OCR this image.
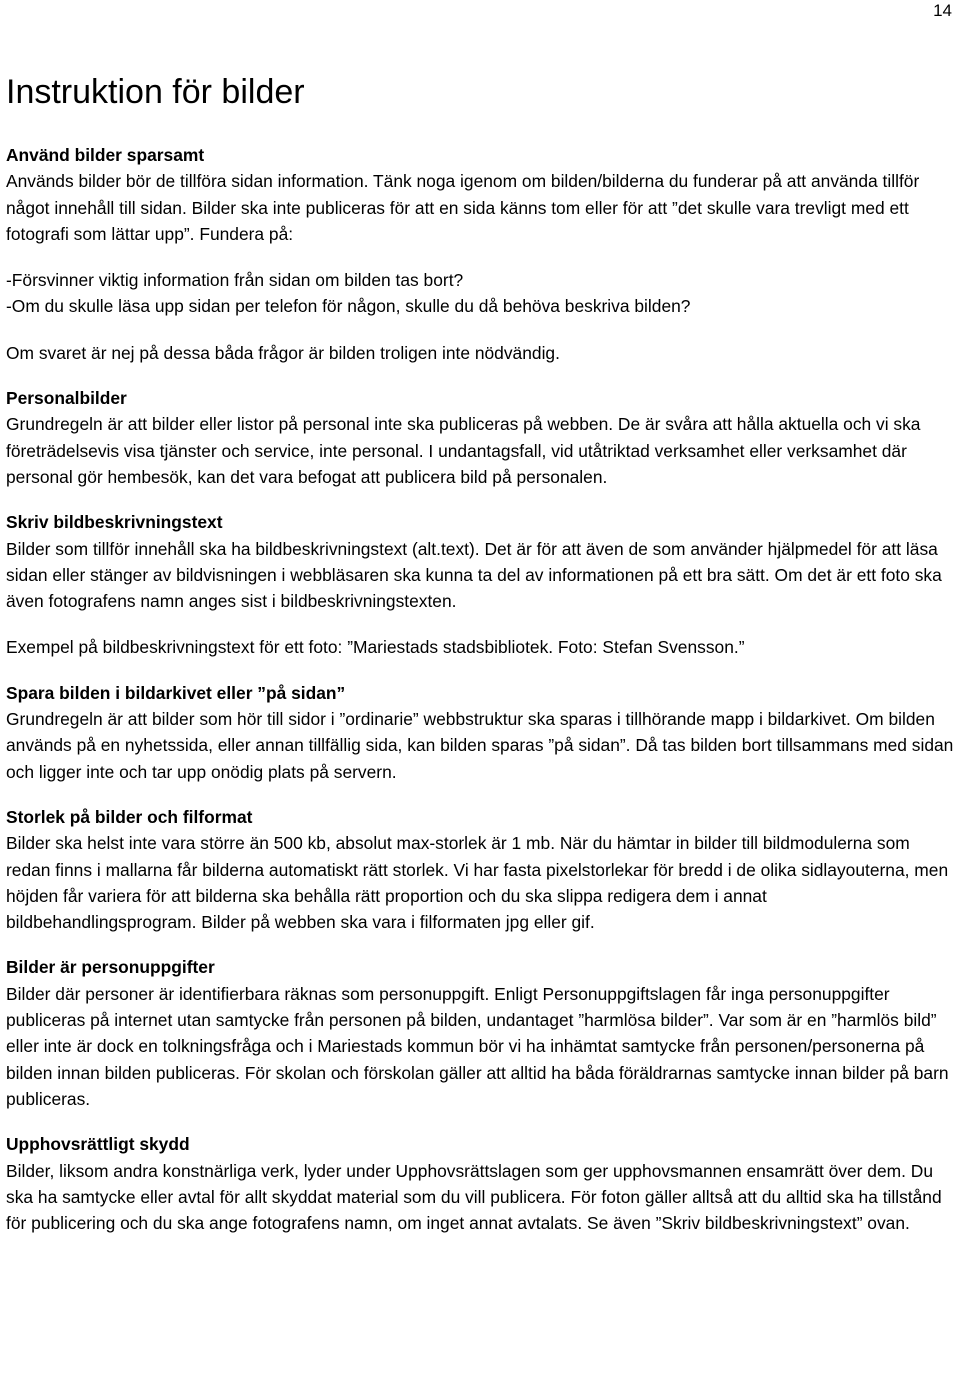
14
Instruktion för bilder

Använd bilder sparsamt

Används bilder bör de tillföra sidan information. Tänk noga igenom om bilden/bilderna du funderar på att använda tillför något innehåll till sidan. Bilder ska inte publiceras för att en sida känns tom eller för att ”det skulle vara trevligt med ett fotografi som lättar upp”. Fundera på:

-Försvinner viktig information från sidan om bilden tas bort?

-Om du skulle läsa upp sidan per telefon för någon, skulle du då behöva beskriva bilden?

Om svaret är nej på dessa båda frågor är bilden troligen inte nödvändig.

Personalbilder

Grundregeln är att bilder eller listor på personal inte ska publiceras på webben. De är svåra att hålla aktuella och vi ska företrädelsevis visa tjänster och service, inte personal. I undantagsfall, vid utåtriktad verksamhet eller verksamhet där personal gör hembesök, kan det vara befogat att publicera bild på personalen.

Skriv bildbeskrivningstext

Bilder som tillför innehåll ska ha bildbeskrivningstext (alt.text). Det är för att även de som använder hjälpmedel för att läsa sidan eller stänger av bildvisningen i webbläsaren ska kunna ta del av informationen på ett bra sätt. Om det är ett foto ska även fotografens namn anges sist i bildbeskrivningstexten.

Exempel på bildbeskrivningstext för ett foto: ”Mariestads stadsbibliotek. Foto: Stefan Svensson.”

Spara bilden i bildarkivet eller ”på sidan”

Grundregeln är att bilder som hör till sidor i ”ordinarie” webbstruktur ska sparas i tillhörande mapp i bildarkivet. Om bilden används på en nyhetssida, eller annan tillfällig sida, kan bilden sparas ”på sidan”. Då tas bilden bort tillsammans med sidan och ligger inte och tar upp onödig plats på servern.

Storlek på bilder och filformat

Bilder ska helst inte vara större än 500 kb, absolut max-storlek är 1 mb. När du hämtar in bilder till bildmodulerna som redan finns i mallarna får bilderna automatiskt rätt storlek. Vi har fasta pixelstorlekar för bredd i de olika sidlayouterna, men höjden får variera för att bilderna ska behålla rätt proportion och du ska slippa redigera dem i annat bildbehandlingsprogram. Bilder på webben ska vara i filformaten jpg eller gif.

Bilder är personuppgifter

Bilder där personer är identifierbara räknas som personuppgift. Enligt Personuppgiftslagen får inga personuppgifter publiceras på internet utan samtycke från personen på bilden, undantaget ”harmlösa bilder”. Var som är en ”harmlös bild” eller inte är dock en tolkningsfråga och i Mariestads kommun bör vi ha inhämtat samtycke från personen/personerna på bilden innan bilden publiceras. För skolan och förskolan gäller att alltid ha båda föräldrarnas samtycke innan bilder på barn publiceras.

Upphovsrättligt skydd

Bilder, liksom andra konstnärliga verk, lyder under Upphovsrättslagen som ger upphovsmannen ensamrätt över dem. Du ska ha samtycke eller avtal för allt skyddat material som du vill publicera. För foton gäller alltså att du alltid ska ha tillstånd för publicering och du ska ange fotografens namn, om inget annat avtalats. Se även ”Skriv bildbeskrivningstext” ovan.
